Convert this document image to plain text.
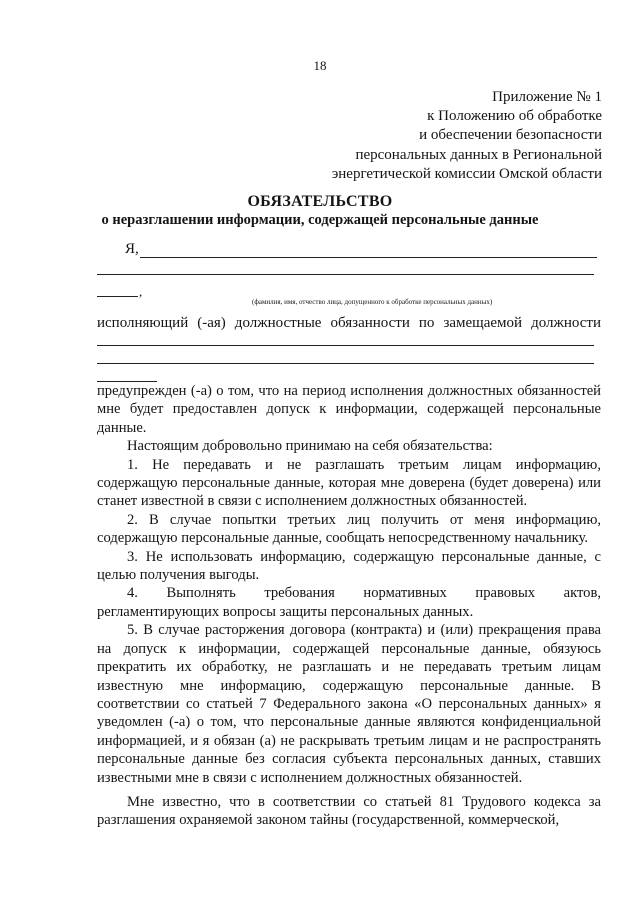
18
Приложение № 1
к Положению об обработке
и обеспечении безопасности
персональных данных в Региональной
энергетической комиссии Омской области
ОБЯЗАТЕЛЬСТВО
о неразглашении информации, содержащей персональные данные
Я,
,
(фамилия, имя, отчество лица, допущенного к обработке персональных данных)
исполняющий (-ая) должностные обязанности по замещаемой должности

предупрежден (-а) о том, что на период исполнения должностных обязанностей мне будет предоставлен допуск к информации, содержащей персональные данные.

Настоящим добровольно принимаю на себя обязательства:

1. Не передавать и не разглашать третьим лицам информацию, содержащую персональные данные, которая мне доверена (будет доверена) или станет известной в связи с исполнением должностных обязанностей.

2. В случае попытки третьих лиц получить от меня информацию, содержащую персональные данные, сообщать непосредственному начальнику.

3. Не использовать информацию, содержащую персональные данные, с целью получения выгоды.

4. Выполнять требования нормативных правовых актов, регламентирующих вопросы защиты персональных данных.

5. В случае расторжения договора (контракта) и (или) прекращения права на допуск к информации, содержащей персональные данные, обязуюсь прекратить их обработку, не разглашать и не передавать третьим лицам известную мне информацию, содержащую персональные данные. В соответствии со статьей 7 Федерального закона «О персональных данных» я уведомлен (-а) о том, что персональные данные являются конфиденциальной информацией, и я обязан (а) не раскрывать третьим лицам и не распространять персональные данные без согласия субъекта персональных данных, ставших известными мне в связи с исполнением должностных обязанностей.

Мне известно, что в соответствии со статьей 81 Трудового кодекса за разглашения охраняемой законом тайны (государственной, коммерческой,
